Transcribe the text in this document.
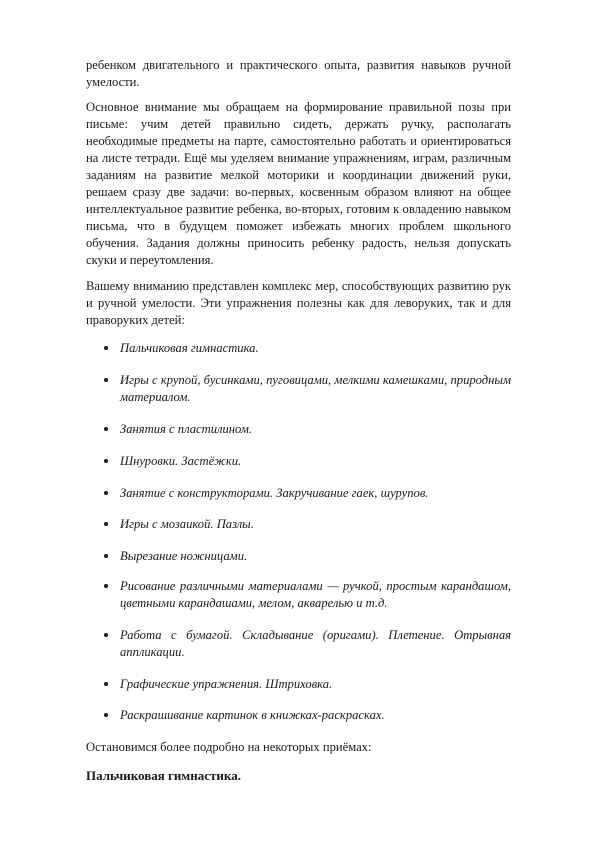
ребенком двигательного и практического опыта, развития навыков ручной умелости.

Основное внимание мы обращаем на формирование правильной позы при письме: учим детей правильно сидеть, держать ручку, располагать необходимые предметы на парте, самостоятельно работать и ориентироваться на листе тетради. Ещё мы уделяем внимание упражнениям, играм, различным заданиям на развитие мелкой моторики и координации движений руки, решаем сразу две задачи: во-первых, косвенным образом влияют на общее интеллектуальное развитие ребенка, во-вторых, готовим к овладению навыком письма, что в будущем поможет избежать многих проблем школьного обучения. Задания должны приносить ребенку радость, нельзя допускать скуки и переутомления.

Вашему вниманию представлен комплекс мер, способствующих развитию рук и ручной умелости. Эти упражнения полезны как для леворуких, так и для праворуких детей:

Пальчиковая гимнастика.

Игры с крупой, бусинками, пуговицами, мелкими камешками, природным материалом.

Занятия с пластилином.

Шнуровки. Застёжки.

Занятие с конструкторами. Закручивание гаек, шурупов.

Игры с мозаикой. Пазлы.

Вырезание ножницами.

Рисование различными материалами — ручкой, простым карандашом, цветными карандашами, мелом, акварелью и т.д.

Работа с бумагой. Складывание (оригами). Плетение. Отрывная аппликации.

Графические упражнения. Штриховка.

Раскрашивание картинок в книжках-раскрасках.

Остановимся более подробно на некоторых приёмах:

Пальчиковая гимнастика.
